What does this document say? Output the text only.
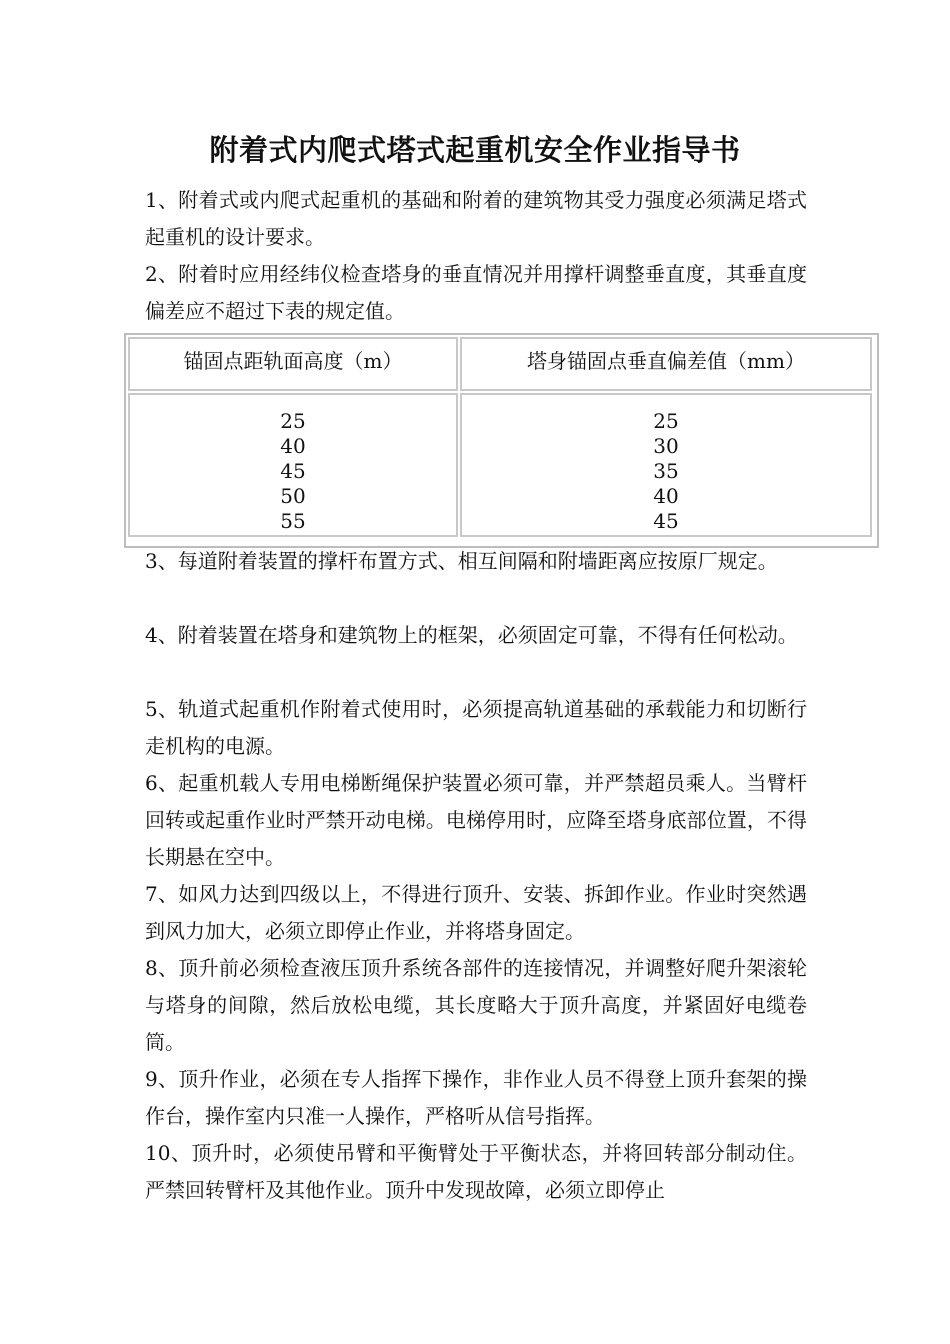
附着式内爬式塔式起重机安全作业指导书

1、附着式或内爬式起重机的基础和附着的建筑物其受力强度必须满足塔式起重机的设计要求。

2、附着时应用经纬仪检查塔身的垂直情况并用撑杆调整垂直度，其垂直度偏差应不超过下表的规定值。

锚固点距轨面高度（m）	塔身锚固点垂直偏差值（mm）
25
40
45
50
55
25
30
35
40
45

3、每道附着装置的撑杆布置方式、相互间隔和附墙距离应按原厂规定。

4、附着装置在塔身和建筑物上的框架，必须固定可靠，不得有任何松动。

5、轨道式起重机作附着式使用时，必须提高轨道基础的承载能力和切断行走机构的电源。

6、起重机载人专用电梯断绳保护装置必须可靠，并严禁超员乘人。当臂杆回转或起重作业时严禁开动电梯。电梯停用时，应降至塔身底部位置，不得长期悬在空中。

7、如风力达到四级以上，不得进行顶升、安装、拆卸作业。作业时突然遇到风力加大，必须立即停止作业，并将塔身固定。

8、顶升前必须检查液压顶升系统各部件的连接情况，并调整好爬升架滚轮与塔身的间隙，然后放松电缆，其长度略大于顶升高度，并紧固好电缆卷筒。

9、顶升作业，必须在专人指挥下操作，非作业人员不得登上顶升套架的操作台，操作室内只准一人操作，严格听从信号指挥。

10、顶升时，必须使吊臂和平衡臂处于平衡状态，并将回转部分制动住。严禁回转臂杆及其他作业。顶升中发现故障，必须立即停止
